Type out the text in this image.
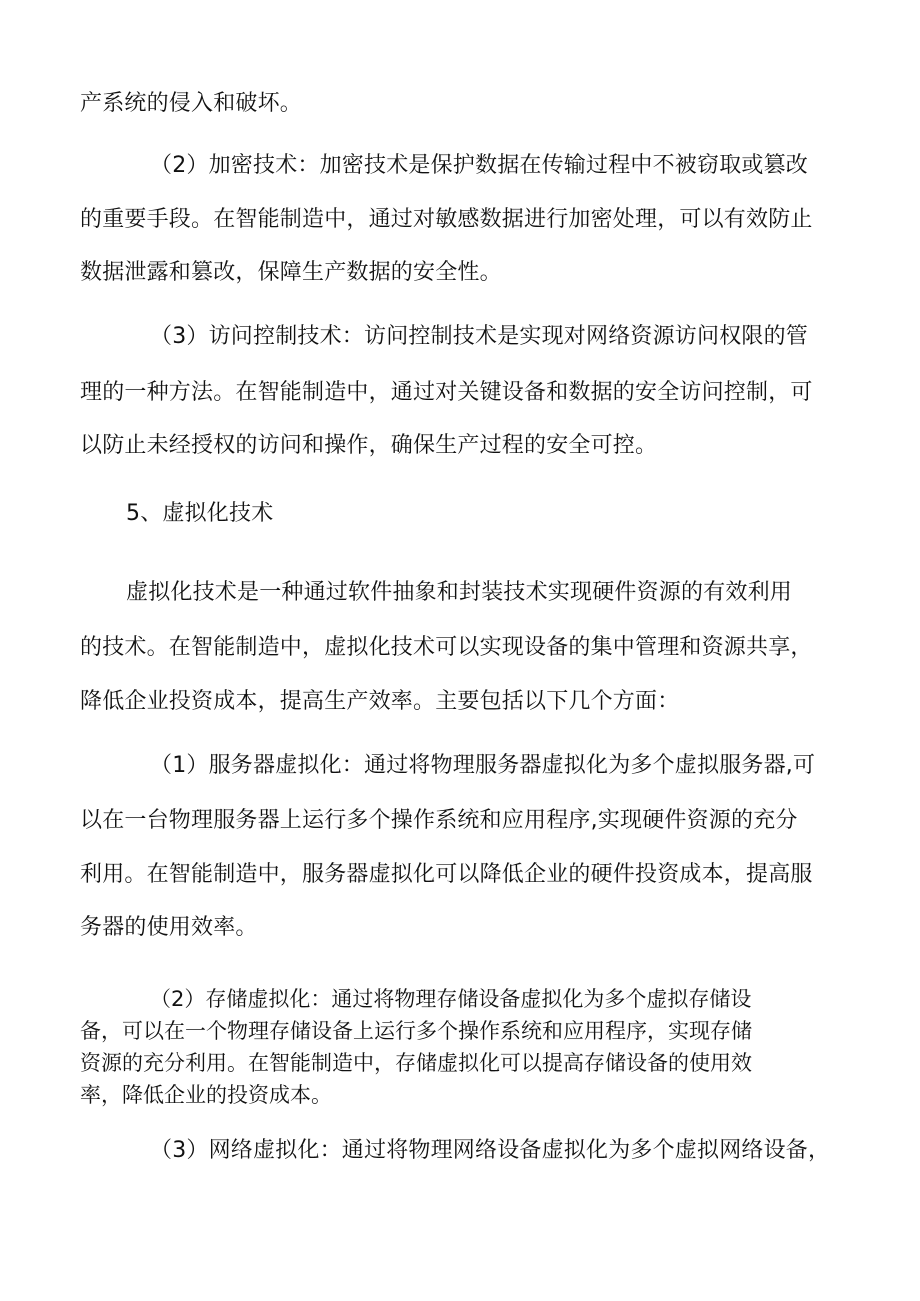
产系统的侵入和破坏。
（2）加密技术：加密技术是保护数据在传输过程中不被窃取或篡改
的重要手段。在智能制造中，通过对敏感数据进行加密处理，可以有效防止
数据泄露和篡改，保障生产数据的安全性。
（3）访问控制技术：访问控制技术是实现对网络资源访问权限的管
理的一种方法。在智能制造中，通过对关键设备和数据的安全访问控制，可
以防止未经授权的访问和操作，确保生产过程的安全可控。
5、虚拟化技术
虚拟化技术是一种通过软件抽象和封装技术实现硬件资源的有效利用
的技术。在智能制造中，虚拟化技术可以实现设备的集中管理和资源共享，
降低企业投资成本，提高生产效率。主要包括以下几个方面：
（1）服务器虚拟化：通过将物理服务器虚拟化为多个虚拟服务器,可
以在一台物理服务器上运行多个操作系统和应用程序,实现硬件资源的充分
利用。在智能制造中，服务器虚拟化可以降低企业的硬件投资成本，提高服
务器的使用效率。
（2）存储虚拟化：通过将物理存储设备虚拟化为多个虚拟存储设
备，可以在一个物理存储设备上运行多个操作系统和应用程序，实现存储
资源的充分利用。在智能制造中，存储虚拟化可以提高存储设备的使用效
率，降低企业的投资成本。
（3）网络虚拟化：通过将物理网络设备虚拟化为多个虚拟网络设备，
